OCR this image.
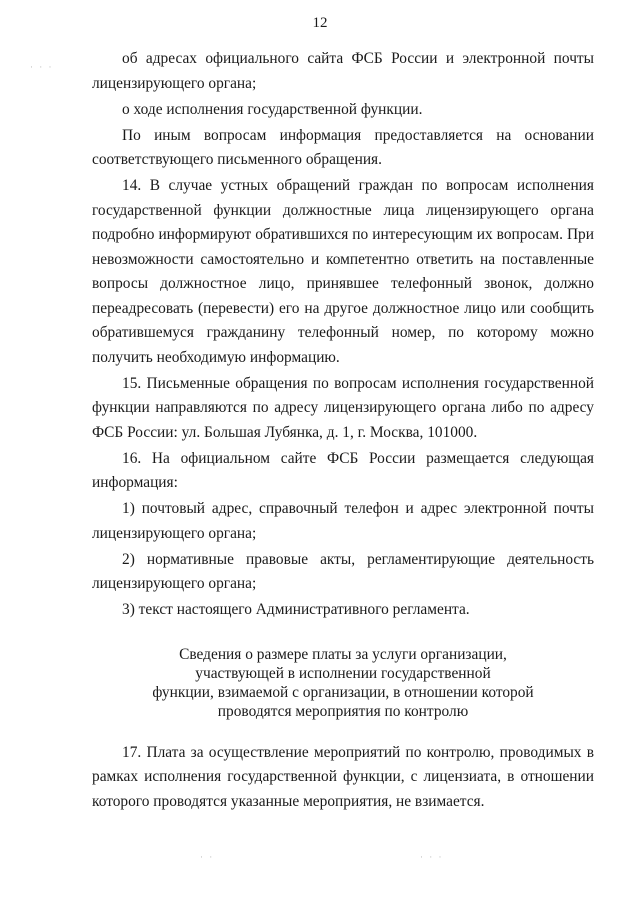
12
· · ·
· ·	· · ·

об адресах официального сайта ФСБ России и электронной почты лицензирующего органа;

о ходе исполнения государственной функции.

По иным вопросам информация предоставляется на основании соответствующего письменного обращения.

14. В случае устных обращений граждан по вопросам исполнения государственной функции должностные лица лицензирующего органа подробно информируют обратившихся по интересующим их вопросам. При невозможности самостоятельно и компетентно ответить на поставленные вопросы должностное лицо, принявшее телефонный звонок, должно переадресовать (перевести) его на другое должностное лицо или сообщить обратившемуся гражданину телефонный номер, по которому можно получить необходимую информацию.

15. Письменные обращения по вопросам исполнения государственной функции направляются по адресу лицензирующего органа либо по адресу ФСБ России: ул. Большая Лубянка, д. 1, г. Москва, 101000.

16. На официальном сайте ФСБ России размещается следующая информация:

1) почтовый адрес, справочный телефон и адрес электронной почты лицензирующего органа;

2) нормативные правовые акты, регламентирующие деятельность лицензирующего органа;

3) текст настоящего Административного регламента.

Сведения о размере платы за услуги организации,
участвующей в исполнении государственной
функции, взимаемой с организации, в отношении которой
проводятся мероприятия по контролю

17. Плата за осуществление мероприятий по контролю, проводимых в рамках исполнения государственной функции, с лицензиата, в отношении которого проводятся указанные мероприятия, не взимается.
